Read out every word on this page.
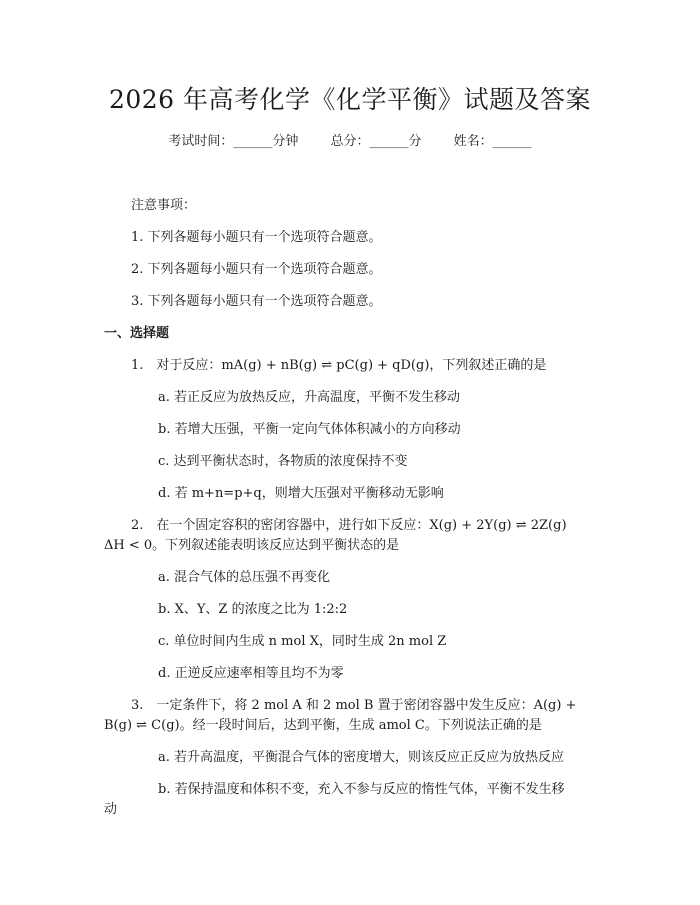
2026 年高考化学《化学平衡》试题及答案
考试时间：______分钟 总分：______分 姓名：______
注意事项：
1. 下列各题每小题只有一个选项符合题意。
2. 下列各题每小题只有一个选项符合题意。
3. 下列各题每小题只有一个选项符合题意。
一、选择题
1.　对于反应：mA(g) + nB(g) ⇌ pC(g) + qD(g)，下列叙述正确的是
a. 若正反应为放热反应，升高温度，平衡不发生移动
b. 若增大压强，平衡一定向气体体积减小的方向移动
c. 达到平衡状态时，各物质的浓度保持不变
d. 若 m+n=p+q，则增大压强对平衡移动无影响
2.　在一个固定容积的密闭容器中，进行如下反应：X(g) + 2Y(g) ⇌ 2Z(g)
ΔH < 0。下列叙述能表明该反应达到平衡状态的是
a. 混合气体的总压强不再变化
b. X、Y、Z 的浓度之比为 1:2:2
c. 单位时间内生成 n mol X，同时生成 2n mol Z
d. 正逆反应速率相等且均不为零
3.　一定条件下，将 2 mol A 和 2 mol B 置于密闭容器中发生反应：A(g) +
B(g) ⇌ C(g)。经一段时间后，达到平衡，生成 amol C。下列说法正确的是
a. 若升高温度，平衡混合气体的密度增大，则该反应正反应为放热反应
b. 若保持温度和体积不变，充入不参与反应的惰性气体，平衡不发生移
动
